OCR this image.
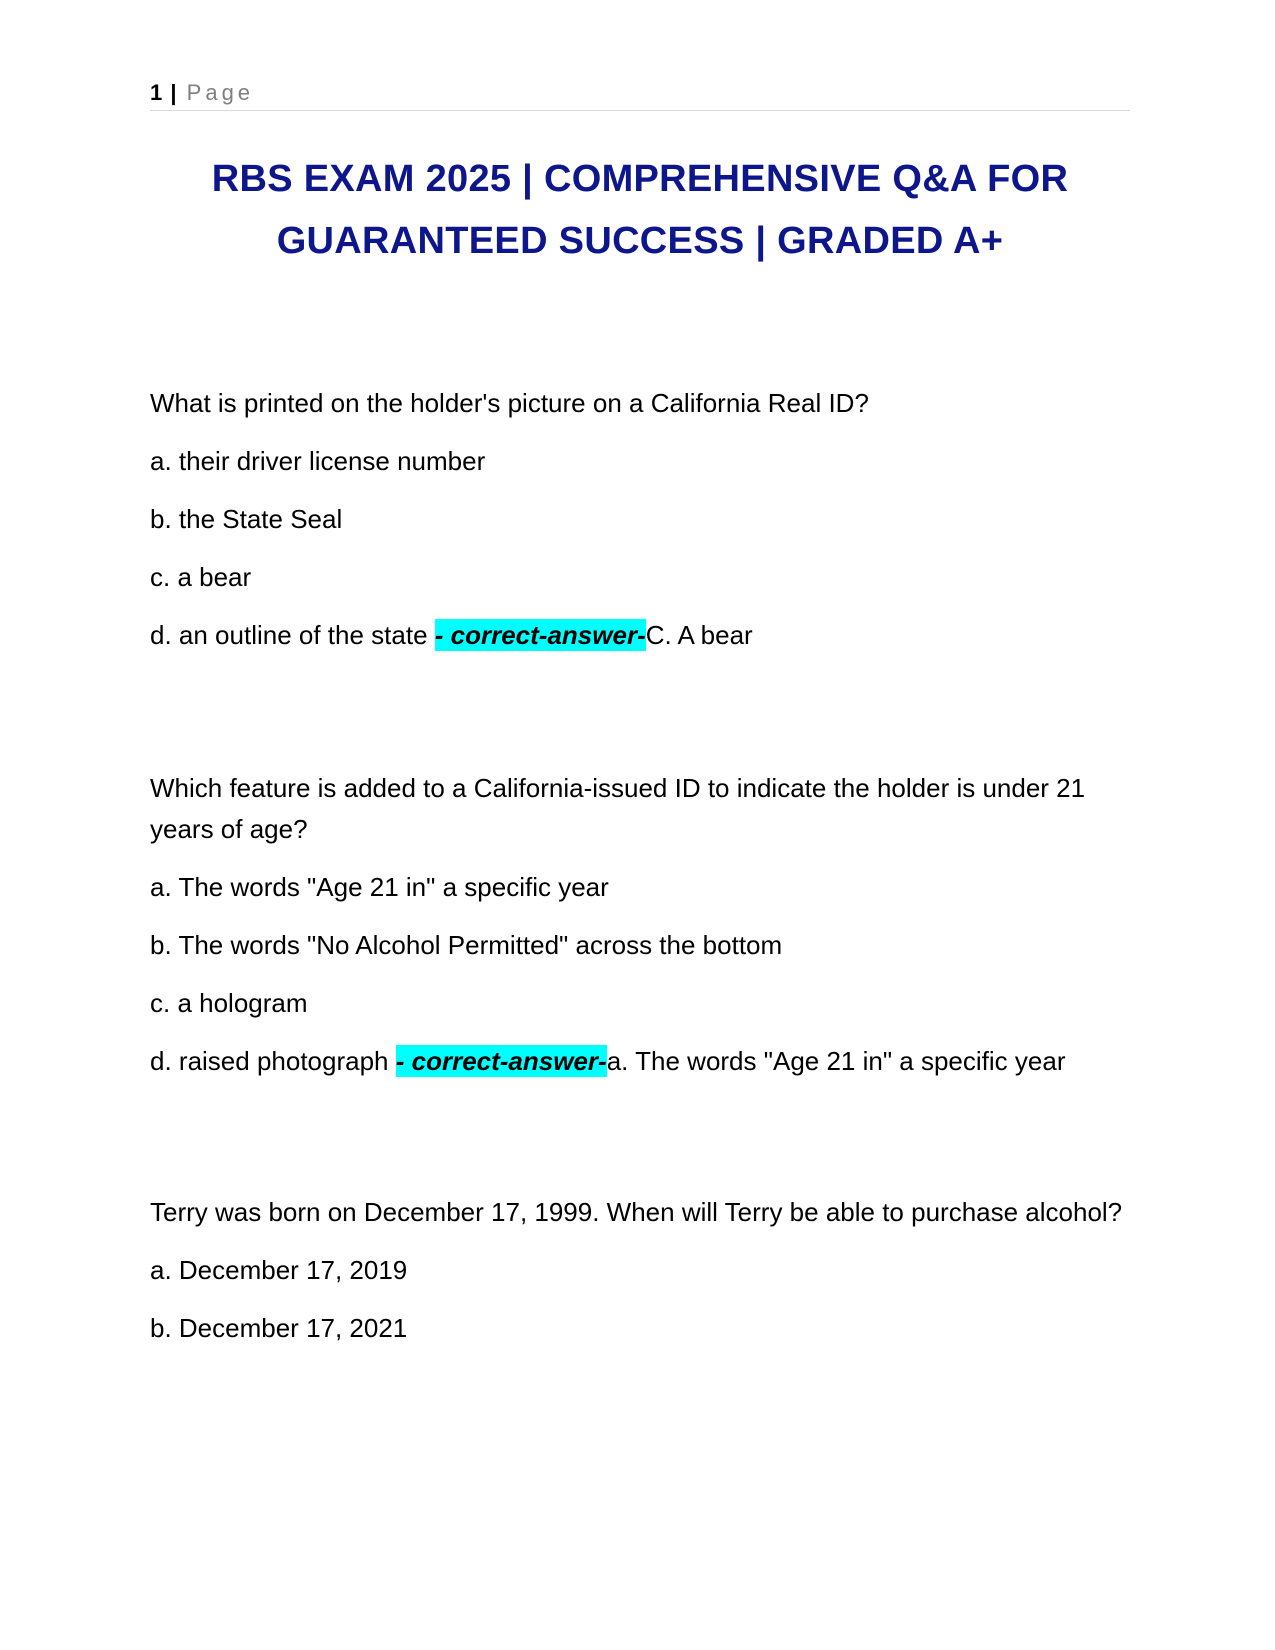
1 | Page
RBS EXAM 2025 | COMPREHENSIVE Q&A FOR
GUARANTEED SUCCESS | GRADED A+

What is printed on the holder's picture on a California Real ID?

a. their driver license number

b. the State Seal

c. a bear

d. an outline of the state - correct-answer-C. A bear

Which feature is added to a California-issued ID to indicate the holder is under 21 years of age?

a. The words "Age 21 in" a specific year

b. The words "No Alcohol Permitted" across the bottom

c. a hologram

d. raised photograph - correct-answer-a. The words "Age 21 in" a specific year

Terry was born on December 17, 1999. When will Terry be able to purchase alcohol?

a. December 17, 2019

b. December 17, 2021
